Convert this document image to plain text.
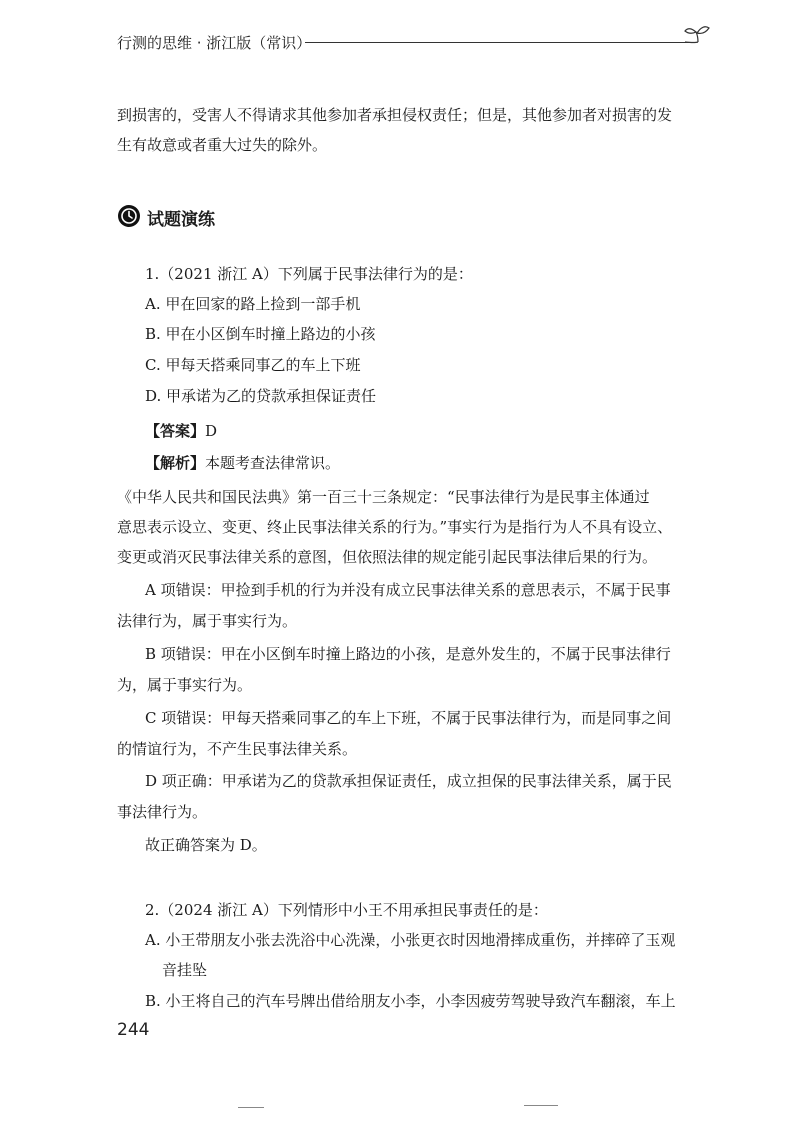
行测的思维 · 浙江版（常识）
到损害的，受害人不得请求其他参加者承担侵权责任；但是，其他参加者对损害的发
生有故意或者重大过失的除外。
试题演练
1.（2021 浙江 A）下列属于民事法律行为的是：
A. 甲在回家的路上捡到一部手机
B. 甲在小区倒车时撞上路边的小孩
C. 甲每天搭乘同事乙的车上下班
D. 甲承诺为乙的贷款承担保证责任
【答案】D
【解析】本题考查法律常识。
《中华人民共和国民法典》第一百三十三条规定：“民事法律行为是民事主体通过
意思表示设立、变更、终止民事法律关系的行为。”事实行为是指行为人不具有设立、
变更或消灭民事法律关系的意图，但依照法律的规定能引起民事法律后果的行为。
A 项错误：甲捡到手机的行为并没有成立民事法律关系的意思表示，不属于民事
法律行为，属于事实行为。
B 项错误：甲在小区倒车时撞上路边的小孩，是意外发生的，不属于民事法律行
为，属于事实行为。
C 项错误：甲每天搭乘同事乙的车上下班，不属于民事法律行为，而是同事之间
的情谊行为，不产生民事法律关系。
D 项正确：甲承诺为乙的贷款承担保证责任，成立担保的民事法律关系，属于民
事法律行为。
故正确答案为 D。
2.（2024 浙江 A）下列情形中小王不用承担民事责任的是：
A. 小王带朋友小张去洗浴中心洗澡，小张更衣时因地滑摔成重伤，并摔碎了玉观
音挂坠
B. 小王将自己的汽车号牌出借给朋友小李，小李因疲劳驾驶导致汽车翻滚，车上
244
